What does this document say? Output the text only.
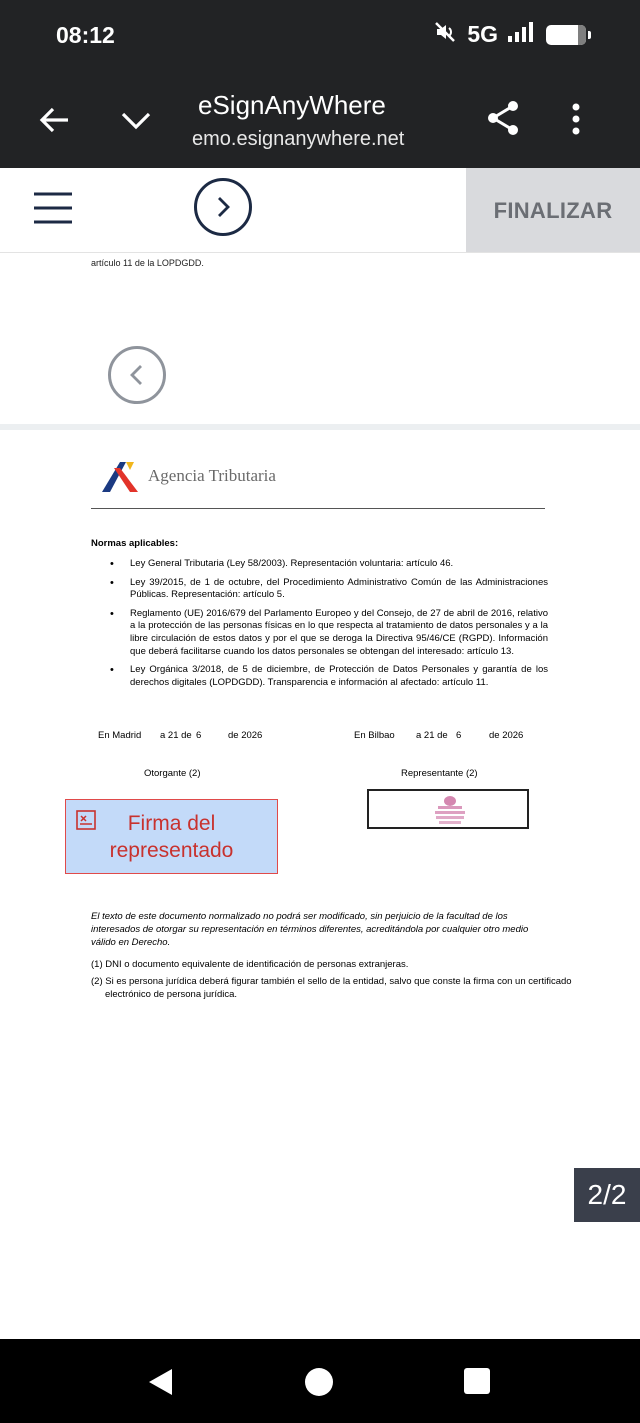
08:12	5G
eSignAnyWhere
emo.esignanywhere.net
FINALIZAR
artículo 11 de la LOPDGDD.
Agencia Tributaria
Normas aplicables:
• Ley General Tributaria (Ley 58/2003). Representación voluntaria: artículo 46.
• Ley 39/2015, de 1 de octubre, del Procedimiento Administrativo Común de las Administraciones Públicas. Representación: artículo 5.
• Reglamento (UE) 2016/679 del Parlamento Europeo y del Consejo, de 27 de abril de 2016, relativo a la protección de las personas físicas en lo que respecta al tratamiento de datos personales y a la libre circulación de estos datos y por el que se deroga la Directiva 95/46/CE (RGPD). Información que deberá facilitarse cuando los datos personales se obtengan del interesado: artículo 13.
• Ley Orgánica 3/2018, de 5 de diciembre, de Protección de Datos Personales y garantía de los derechos digitales (LOPDGDD). Transparencia e información al afectado: artículo 11.
En Madrid a 21 de 6	de 2026	En Bilbao a 21 de 6	de 2026
Otorgante (2)	Representante (2)
Firma del representado
El texto de este documento normalizado no podrá ser modificado, sin perjuicio de la facultad de los interesados de otorgar su representación en términos diferentes, acreditándola por cualquier otro medio válido en Derecho.
(1) DNI o documento equivalente de identificación de personas extranjeras.
(2) Si es persona jurídica deberá figurar también el sello de la entidad, salvo que conste la firma con un certificado
electrónico de persona jurídica.
2/2
